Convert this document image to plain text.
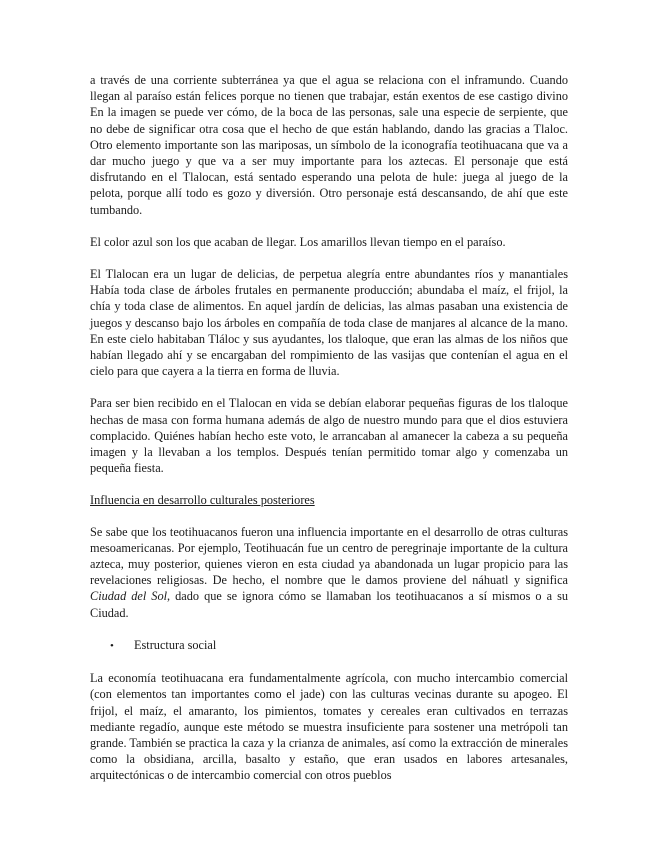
a través de una corriente subterránea ya que el agua se relaciona con el inframundo. Cuando llegan al paraíso están felices porque no tienen que trabajar, están exentos de ese castigo divino En la imagen se puede ver cómo, de la boca de las personas, sale una especie de serpiente, que no debe de significar otra cosa que el hecho de que están hablando, dando las gracias a Tlaloc. Otro elemento importante son las mariposas, un símbolo de la iconografía teotihuacana que va a dar mucho juego y que va a ser muy importante para los aztecas. El personaje que está disfrutando en el Tlalocan, está sentado esperando una pelota de hule: juega al juego de la pelota, porque allí todo es gozo y diversión. Otro personaje está descansando, de ahí que este tumbando.

El color azul son los que acaban de llegar. Los amarillos llevan tiempo en el paraíso.

El Tlalocan era un lugar de delicias, de perpetua alegría entre abundantes ríos y manantiales Había toda clase de árboles frutales en permanente producción; abundaba el maíz, el frijol, la chía y toda clase de alimentos. En aquel jardín de delicias, las almas pasaban una existencia de juegos y descanso bajo los árboles en compañía de toda clase de manjares al alcance de la mano. En este cielo habitaban Tláloc y sus ayudantes, los tlaloque, que eran las almas de los niños que habían llegado ahí y se encargaban del rompimiento de las vasijas que contenían el agua en el cielo para que cayera a la tierra en forma de lluvia.

Para ser bien recibido en el Tlalocan en vida se debían elaborar pequeñas figuras de los tlaloque hechas de masa con forma humana además de algo de nuestro mundo para que el dios estuviera complacido. Quiénes habían hecho este voto, le arrancaban al amanecer la cabeza a su pequeña imagen y la llevaban a los templos. Después tenían permitido tomar algo y comenzaba un pequeña fiesta.

Influencia en desarrollo culturales posteriores

Se sabe que los teotihuacanos fueron una influencia importante en el desarrollo de otras culturas mesoamericanas. Por ejemplo, Teotihuacán fue un centro de peregrinaje importante de la cultura azteca, muy posterior, quienes vieron en esta ciudad ya abandonada un lugar propicio para las revelaciones religiosas. De hecho, el nombre que le damos proviene del náhuatl y significa Ciudad del Sol, dado que se ignora cómo se llamaban los teotihuacanos a sí mismos o a su Ciudad.

•	Estructura social

La economía teotihuacana era fundamentalmente agrícola, con mucho intercambio comercial (con elementos tan importantes como el jade) con las culturas vecinas durante su apogeo. El frijol, el maíz, el amaranto, los pimientos, tomates y cereales eran cultivados en terrazas mediante regadío, aunque este método se muestra insuficiente para sostener una metrópoli tan grande. También se practica la caza y la crianza de animales, así como la extracción de minerales como la obsidiana, arcilla, basalto y estaño, que eran usados en labores artesanales, arquitectónicas o de intercambio comercial con otros pueblos
